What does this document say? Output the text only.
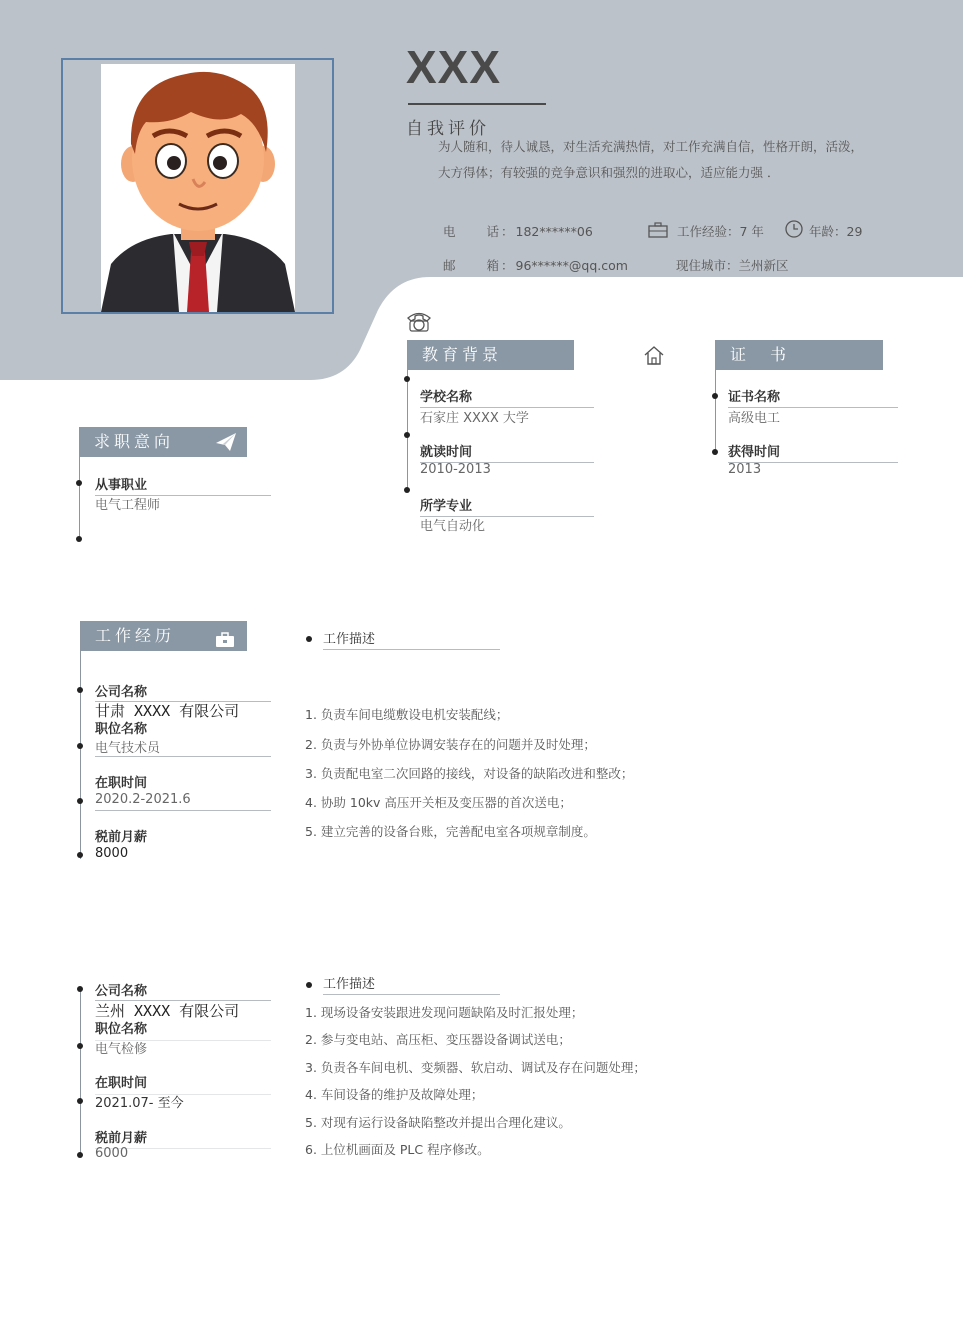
XXX
自我评价
为人随和，待人诚恳，对生活充满热情，对工作充满自信，性格开朗，活泼，
大方得体；有较强的竞争意识和强烈的进取心，适应能力强 ．
电　　话：182******06	工作经验：7 年	年龄：29
邮　　箱：96******@qq.com	现住城市：兰州新区
教育背景
学校名称
石家庄 XXXX 大学
就读时间
2010-2013
所学专业
电气自动化
证　书
证书名称
高级电工
获得时间
2013
求职意向
从事职业
电气工程师
工作经历
公司名称
甘肃 XXXX 有限公司
职位名称
电气技术员
在职时间
2020.2-2021.6
税前月薪
8000
工作描述
1. 负责车间电缆敷设电机安装配线；
2. 负责与外协单位协调安装存在的问题并及时处理；
3. 负责配电室二次回路的接线，对设备的缺陷改进和整改；
4. 协助 10kv 高压开关柜及变压器的首次送电；
5. 建立完善的设备台账，完善配电室各项规章制度。
公司名称
兰州 XXXX 有限公司
职位名称
电气检修
在职时间
2021.07- 至今
税前月薪
6000
工作描述
1. 现场设备安装跟进发现问题缺陷及时汇报处理；
2. 参与变电站、高压柜、变压器设备调试送电；
3. 负责各车间电机、变频器、软启动、调试及存在问题处理；
4. 车间设备的维护及故障处理；
5. 对现有运行设备缺陷整改并提出合理化建议。
6. 上位机画面及 PLC 程序修改。
